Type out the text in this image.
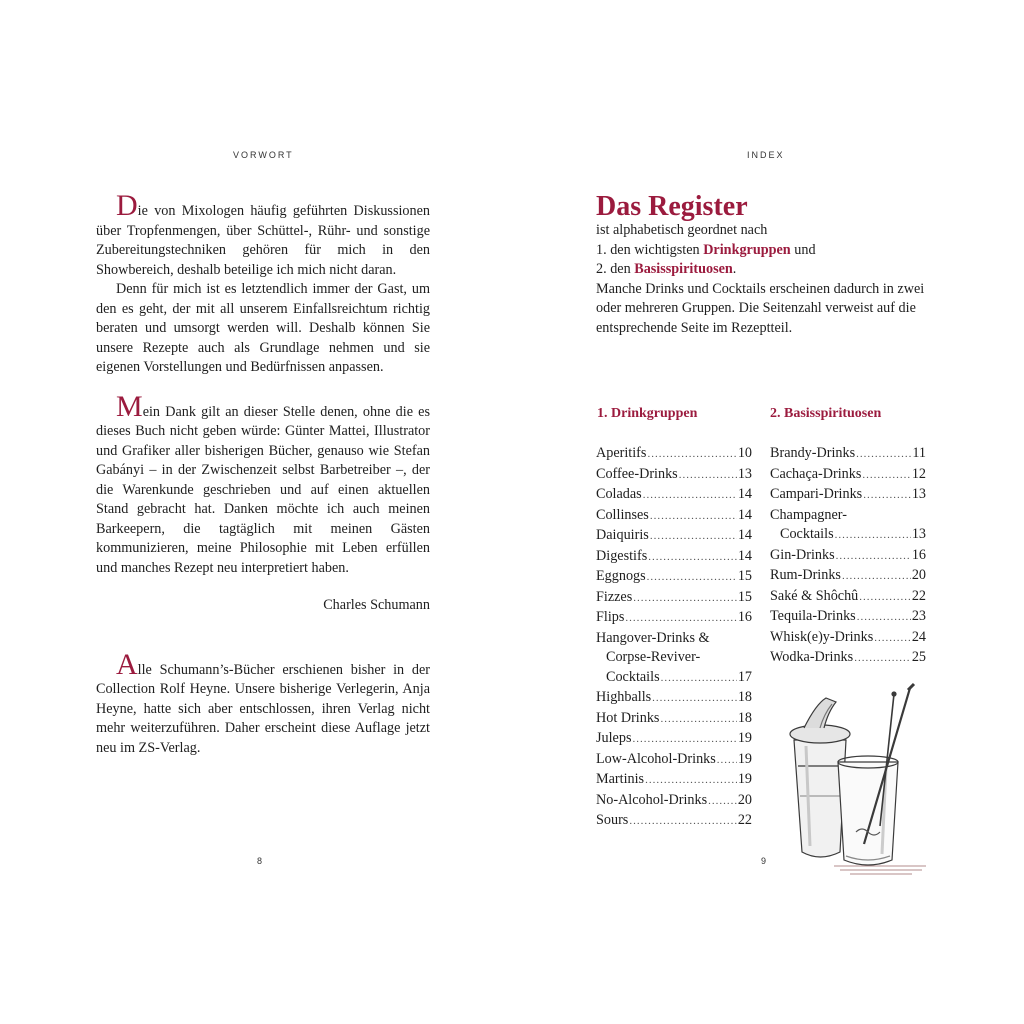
VORWORT

Die von Mixologen häufig geführten Diskussionen über Tropfenmengen, über Schüttel-, Rühr- und sonstige Zubereitungstechniken gehören für mich in den Showbereich, deshalb beteilige ich mich nicht daran.

Denn für mich ist es letztendlich immer der Gast, um den es geht, der mit all unserem Einfallsreichtum richtig beraten und umsorgt werden will. Deshalb können Sie unsere Rezepte auch als Grundlage nehmen und sie eigenen Vorstellungen und Bedürfnissen anpassen.

Mein Dank gilt an dieser Stelle denen, ohne die es dieses Buch nicht geben würde: Günter Mattei, Illustrator und Grafiker aller bisherigen Bücher, genauso wie Stefan Gabányi – in der Zwischenzeit selbst Barbetreiber –, der die Warenkunde geschrieben und auf einen aktuellen Stand gebracht hat. Danken möchte ich auch meinen Barkeepern, die tagtäglich mit meinen Gästen kommunizieren, meine Philosophie mit Leben erfüllen und manches Rezept neu interpretiert haben.

Charles Schumann

Alle Schumann’s-Bücher erschienen bisher in der Collection Rolf Heyne. Unsere bisherige Verlegerin, Anja Heyne, hatte sich aber entschlossen, ihren Verlag nicht mehr weiterzuführen. Daher erscheint diese Auflage jetzt neu im ZS-Verlag.

8
INDEX
Das Register
ist alphabetisch geordnet nach
1. den wichtigsten Drinkgruppen und
2. den Basisspirituosen.
Manche Drinks und Cocktails erscheinen dadurch in zwei oder mehreren Gruppen. Die Seitenzahl verweist auf die entsprechende Seite im Rezeptteil.
1. Drinkgruppen	2. Basisspirituosen
Aperitifs .....	10
Coffee-Drinks .....	13
Coladas .....	14
Collinses .....	14
Daiquiris .....	14
Digestifs .....	14
Eggnogs .....	15
Fizzes .....	15
Flips .....	16
Hangover-Drinks &
Corpse-Reviver-
Cocktails .....	17
Highballs .....	18
Hot Drinks .....	18
Juleps .....	19
Low-Alcohol-Drinks ..... 19
Martinis .....	19
No-Alcohol-Drinks ..... 20
Sours .....	22
Brandy-Drinks .....	11
Cachaça-Drinks .....	12
Campari-Drinks .....	13
Champagner-
Cocktails .....	13
Gin-Drinks .....	16
Rum-Drinks .....	20
Saké & Shôchû .....	22
Tequila-Drinks .....	23
Whisk(e)y-Drinks .....	24
Wodka-Drinks .....	25
9
